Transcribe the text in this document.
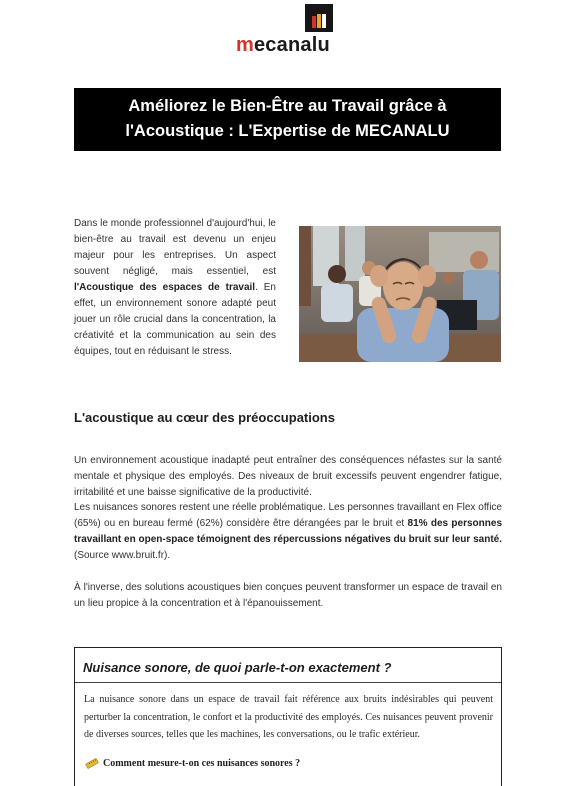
mecanalu
Améliorez le Bien-Être au Travail grâce à
l'Acoustique : L'Expertise de MECANALU
Dans le monde professionnel d'aujourd'hui, le bien-être au travail est devenu un enjeu majeur pour les entreprises. Un aspect souvent négligé, mais essentiel, est l'Acoustique des espaces de travail. En effet, un environnement sonore adapté peut jouer un rôle crucial dans la concentration, la créativité et la communication au sein des équipes, tout en réduisant le stress.
L'acoustique au cœur des préoccupations
Un environnement acoustique inadapté peut entraîner des conséquences néfastes sur la santé mentale et physique des employés. Des niveaux de bruit excessifs peuvent engendrer fatigue, irritabilité et une baisse significative de la productivité.
Les nuisances sonores restent une réelle problématique. Les personnes travaillant en Flex office (65%) ou en bureau fermé (62%) considère être dérangées par le bruit et 81% des personnes travaillant en open-space témoignent des répercussions négatives du bruit sur leur santé. (Source www.bruit.fr).
À l'inverse, des solutions acoustiques bien conçues peuvent transformer un espace de travail en un lieu propice à la concentration et à l'épanouissement.
Nuisance sonore, de quoi parle-t-on exactement ?
La nuisance sonore dans un espace de travail fait référence aux bruits indésirables qui peuvent perturber la concentration, le confort et la productivité des employés. Ces nuisances peuvent provenir de diverses sources, telles que les machines, les conversations, ou le trafic extérieur.
Comment mesure-t-on ces nuisances sonores ?
